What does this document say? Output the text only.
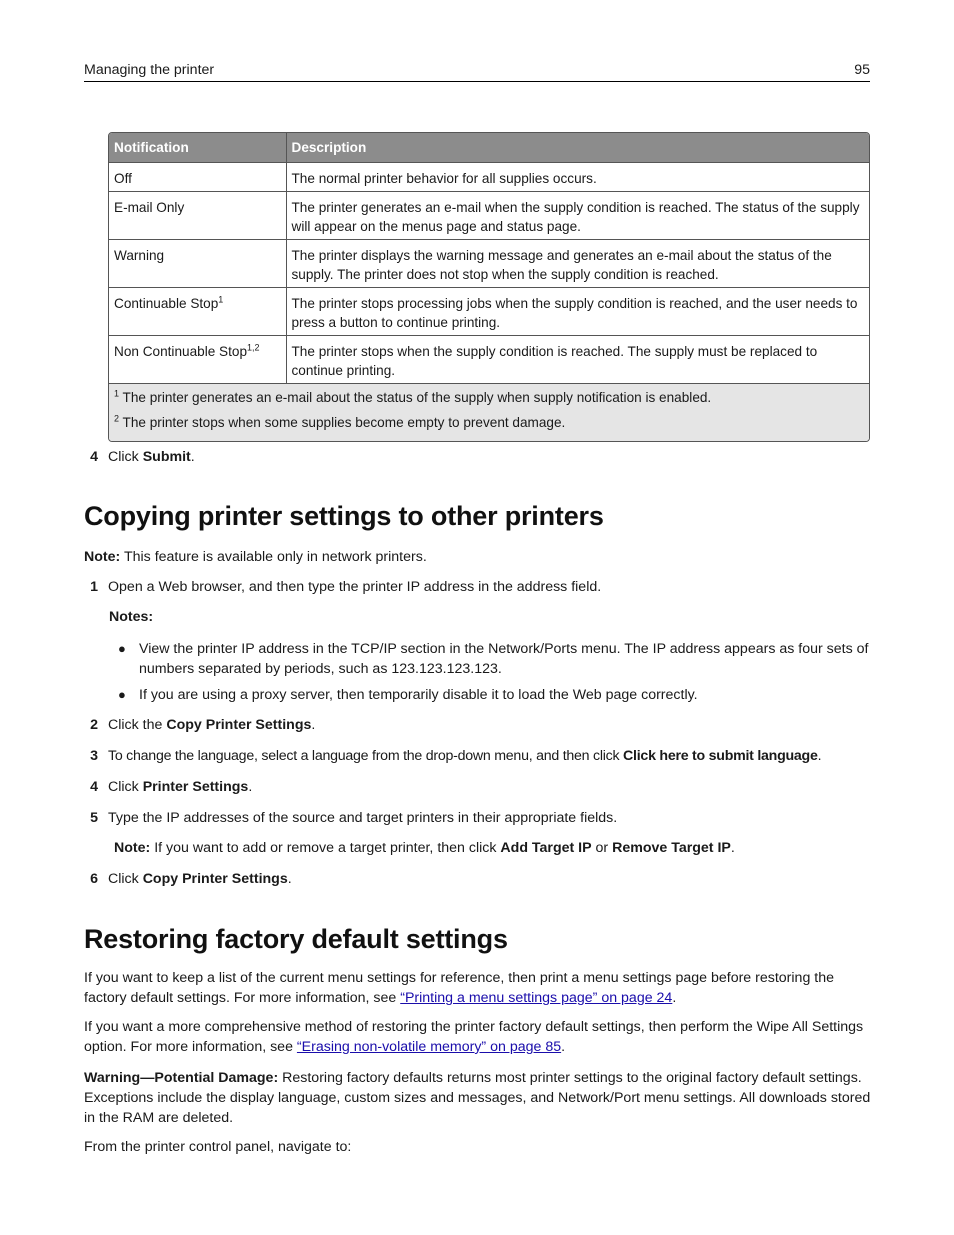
Managing the printer	95
Notification	Description
Off	The normal printer behavior for all supplies occurs.
E-mail Only	The printer generates an e-mail when the supply condition is reached. The status of the supply will appear on the menus page and status page.
Warning	The printer displays the warning message and generates an e-mail about the status of the supply. The printer does not stop when the supply condition is reached.
Continuable Stop$^1$	The printer stops processing jobs when the supply condition is reached, and the user needs to press a button to continue printing.
Non Continuable Stop$^{1,2}$	The printer stops when the supply condition is reached. The supply must be replaced to continue printing.

$^1$ The printer generates an e-mail about the status of the supply when supply notification is enabled.

$^2$ The printer stops when some supplies become empty to prevent damage.	

4 Click Submit.
Copying printer settings to other printers
Note: This feature is available only in network printers.
1 Open a Web browser, and then type the printer IP address in the address field.
Notes:
● View the printer IP address in the TCP/IP section in the Network/Ports menu. The IP address appears as four sets of numbers separated by periods, such as 123.123.123.123.
● If you are using a proxy server, then temporarily disable it to load the Web page correctly.
2 Click the Copy Printer Settings.
3 To change the language, select a language from the drop-down menu, and then click Click here to submit language.
4 Click Printer Settings.
5 Type the IP addresses of the source and target printers in their appropriate fields.
Note: If you want to add or remove a target printer, then click Add Target IP or Remove Target IP.
6 Click Copy Printer Settings.
Restoring factory default settings

If you want to keep a list of the current menu settings for reference, then print a menu settings page before restoring the factory default settings. For more information, see “Printing a menu settings page” on page 24.

If you want a more comprehensive method of restoring the printer factory default settings, then perform the Wipe All Settings option. For more information, see “Erasing non-volatile memory” on page 85.

Warning—Potential Damage: Restoring factory defaults returns most printer settings to the original factory default settings. Exceptions include the display language, custom sizes and messages, and Network/Port menu settings. All downloads stored in the RAM are deleted.

From the printer control panel, navigate to:
